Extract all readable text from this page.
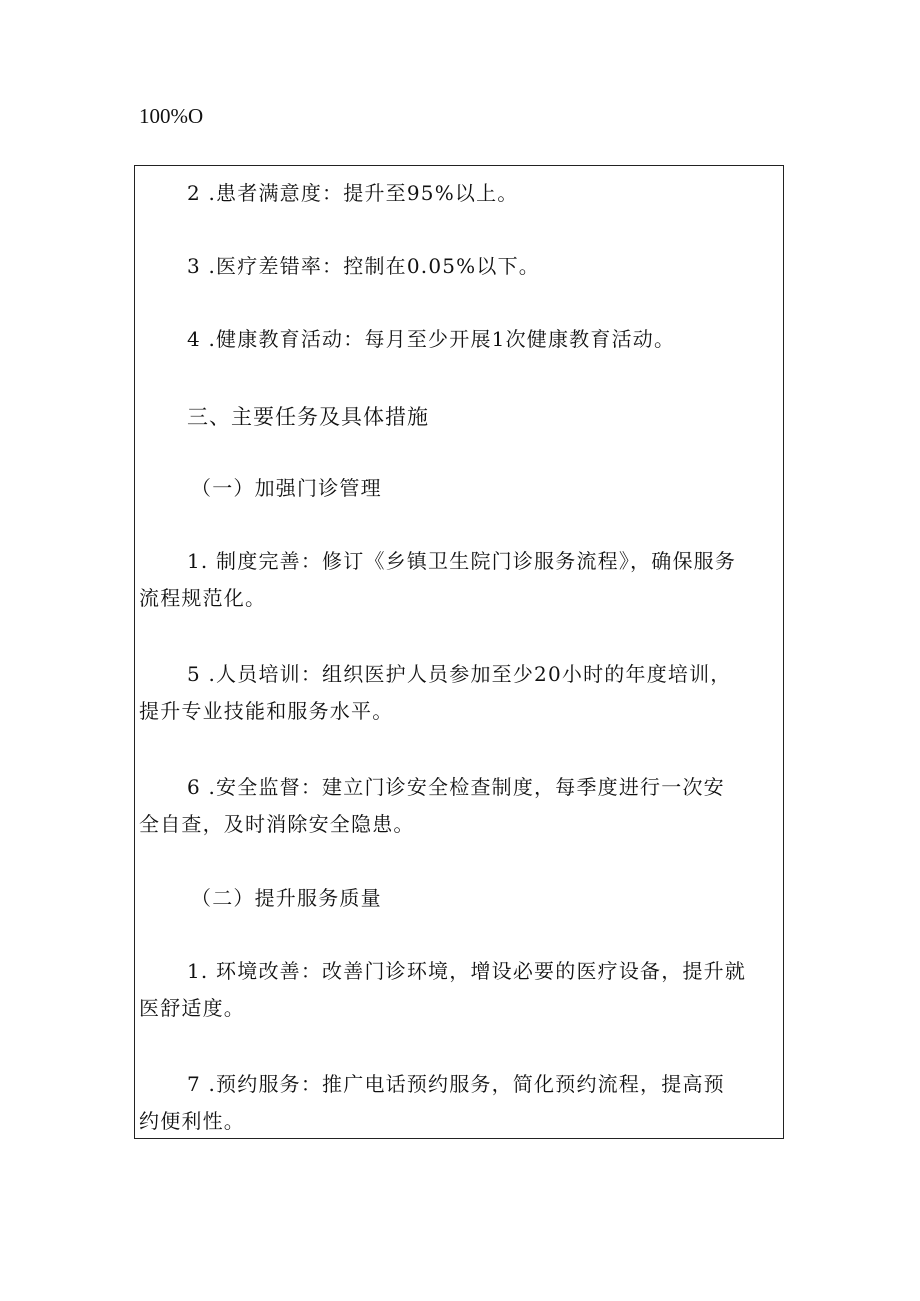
100%O
2 .患者满意度：提升至95%以上。
3 .医疗差错率：控制在0.05%以下。
4 .健康教育活动：每月至少开展1次健康教育活动。
三、主要任务及具体措施
（一）加强门诊管理
1. 制度完善：修订《乡镇卫生院门诊服务流程》，确保服务
流程规范化。
5 .人员培训：组织医护人员参加至少20小时的年度培训，
提升专业技能和服务水平。
6 .安全监督：建立门诊安全检查制度，每季度进行一次安
全自查，及时消除安全隐患。
（二）提升服务质量
1. 环境改善：改善门诊环境，增设必要的医疗设备，提升就
医舒适度。
7 .预约服务：推广电话预约服务，简化预约流程，提高预
约便利性。
